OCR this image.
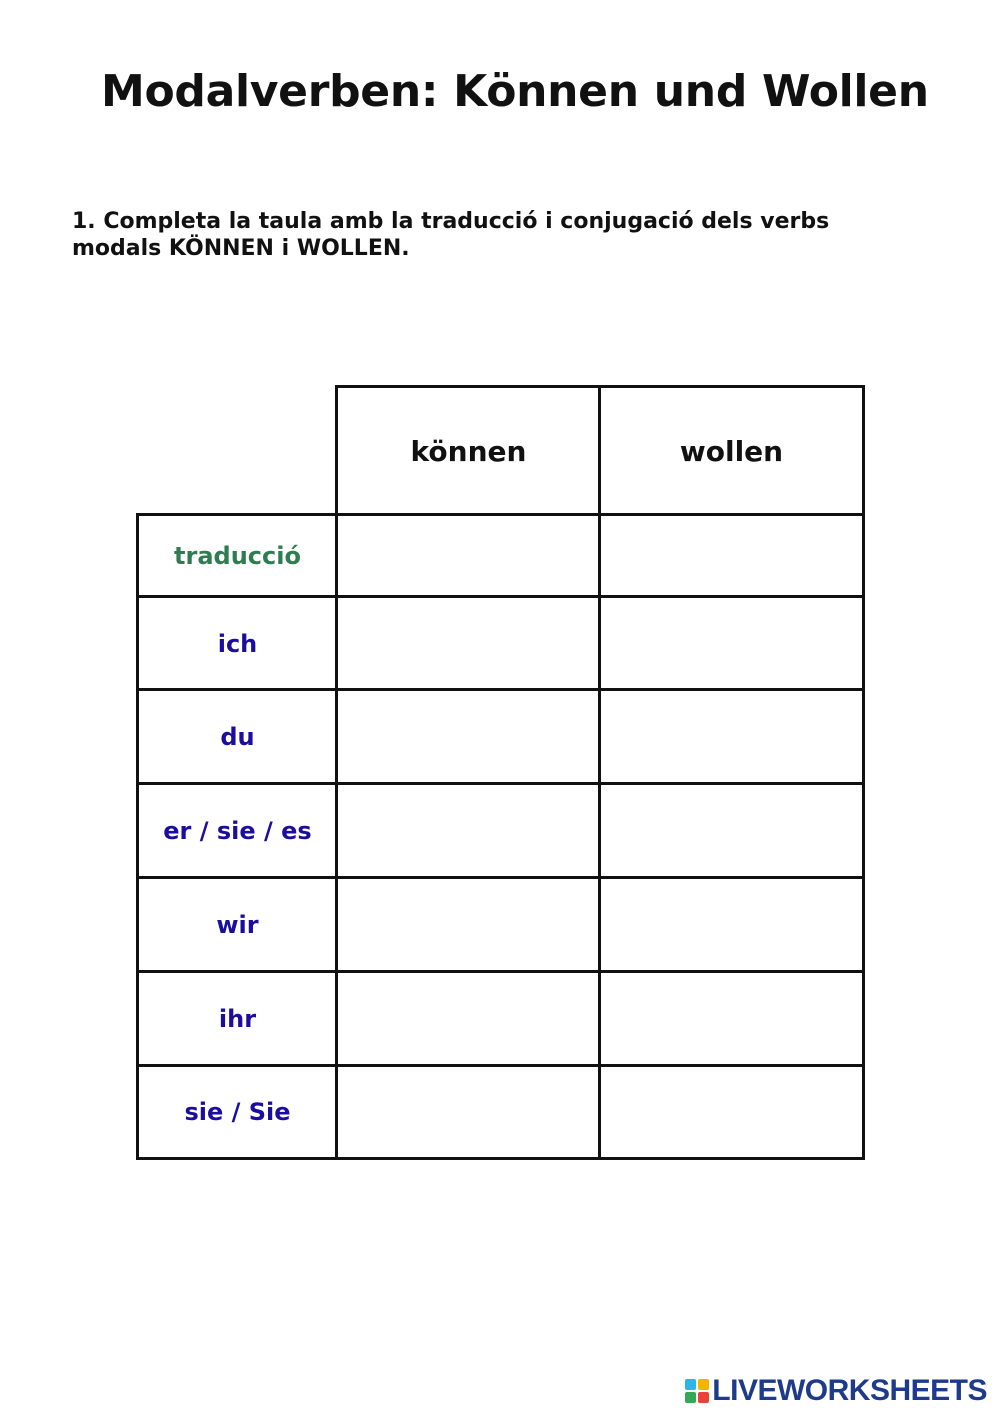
Modalverben: Können und Wollen

1. Completa la taula amb la traducció i conjugació dels verbs modals KÖNNEN i WOLLEN.

können	wollen
traducció
ich
du
er / sie / es
wir
ihr
sie / Sie
LIVEWORKSHEETS
